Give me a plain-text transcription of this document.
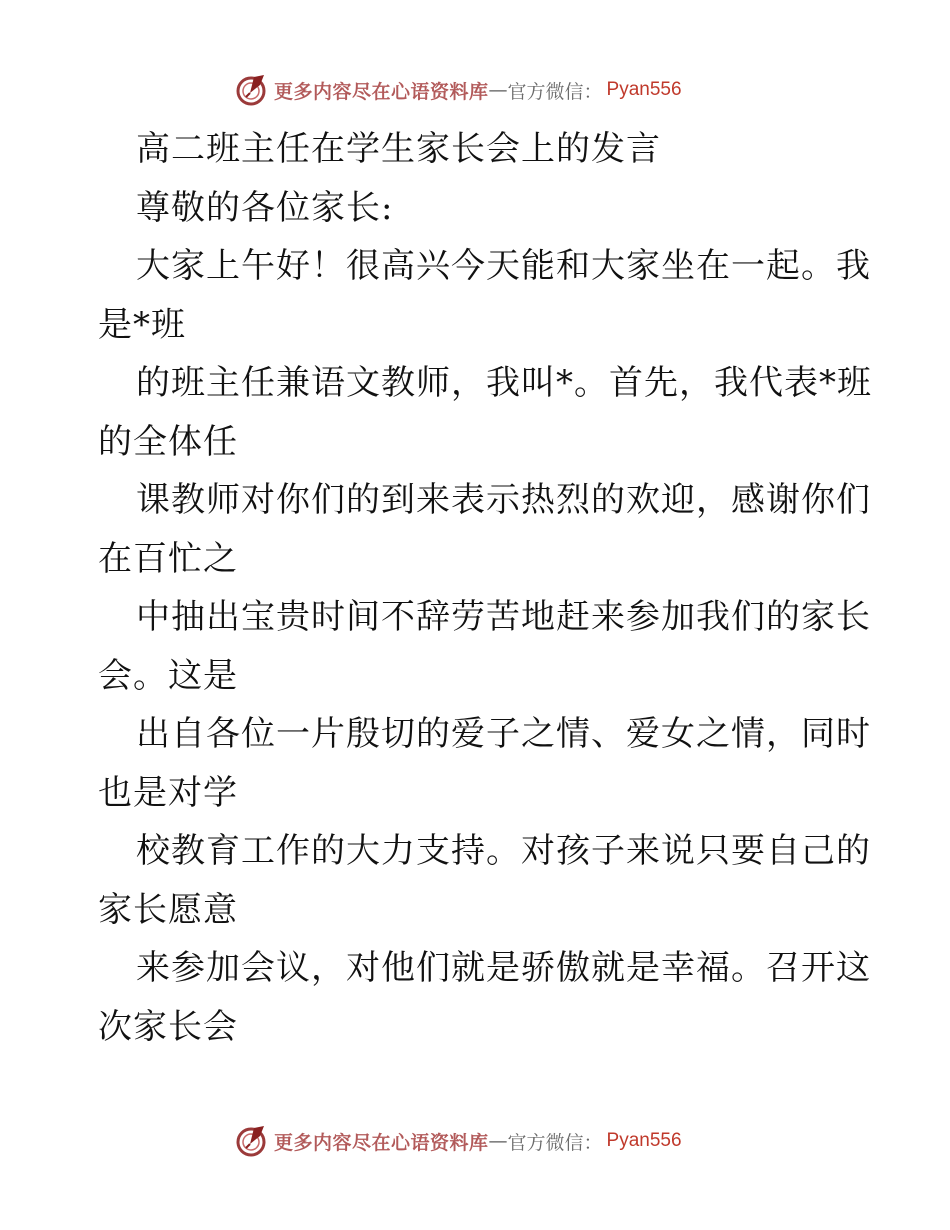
更多内容尽在心语资料库 — 官方微信： Pyan556
高二班主任在学生家长会上的发言
尊敬的各位家长:
大家上午好！很高兴今天能和大家坐在一起。我
是*班
的班主任兼语文教师，我叫*。首先，我代表*班
的全体任
课教师对你们的到来表示热烈的欢迎，感谢你们
在百忙之
中抽出宝贵时间不辞劳苦地赶来参加我们的家长
会。这是
出自各位一片殷切的爱子之情、爱女之情，同时
也是对学
校教育工作的大力支持。对孩子来说只要自己的
家长愿意
来参加会议，对他们就是骄傲就是幸福。召开这
次家长会
更多内容尽在心语资料库 — 官方微信： Pyan556
